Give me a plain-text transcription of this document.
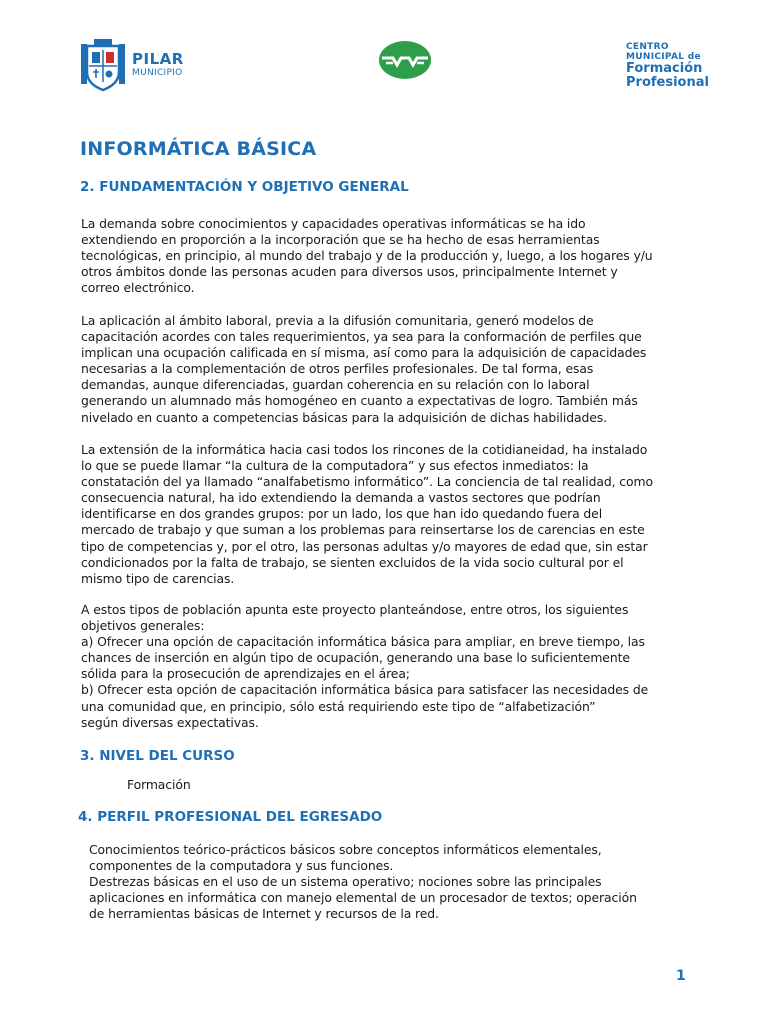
PILAR
MUNICIPIO
CENTRO
MUNICIPAL de
Formación
Profesional
INFORMÁTICA BÁSICA
2. FUNDAMENTACIÓN Y OBJETIVO GENERAL
La demanda sobre conocimientos y capacidades operativas informáticas se ha ido
extendiendo en proporción a la incorporación que se ha hecho de esas herramientas
tecnológicas, en principio, al mundo del trabajo y de la producción y, luego, a los hogares y/u
otros ámbitos donde las personas acuden para diversos usos, principalmente Internet y
correo electrónico.
La aplicación al ámbito laboral, previa a la difusión comunitaria, generó modelos de
capacitación acordes con tales requerimientos, ya sea para la conformación de perfiles que
implican una ocupación calificada en sí misma, así como para la adquisición de capacidades
necesarias a la complementación de otros perfiles profesionales. De tal forma, esas
demandas, aunque diferenciadas, guardan coherencia en su relación con lo laboral
generando un alumnado más homogéneo en cuanto a expectativas de logro. También más
nivelado en cuanto a competencias básicas para la adquisición de dichas habilidades.
La extensión de la informática hacia casi todos los rincones de la cotidianeidad, ha instalado
lo que se puede llamar “la cultura de la computadora” y sus efectos inmediatos: la
constatación del ya llamado “analfabetismo informático”. La conciencia de tal realidad, como
consecuencia natural, ha ido extendiendo la demanda a vastos sectores que podrían
identificarse en dos grandes grupos: por un lado, los que han ido quedando fuera del
mercado de trabajo y que suman a los problemas para reinsertarse los de carencias en este
tipo de competencias y, por el otro, las personas adultas y/o mayores de edad que, sin estar
condicionados por la falta de trabajo, se sienten excluidos de la vida socio cultural por el
mismo tipo de carencias.
A estos tipos de población apunta este proyecto planteándose, entre otros, los siguientes
objetivos generales:
a) Ofrecer una opción de capacitación informática básica para ampliar, en breve tiempo, las
chances de inserción en algún tipo de ocupación, generando una base lo suficientemente
sólida para la prosecución de aprendizajes en el área;
b) Ofrecer esta opción de capacitación informática básica para satisfacer las necesidades de
una comunidad que, en principio, sólo está requiriendo este tipo de “alfabetización”
según diversas expectativas.
3. NIVEL DEL CURSO
Formación
4. PERFIL PROFESIONAL DEL EGRESADO
Conocimientos teórico-prácticos básicos sobre conceptos informáticos elementales,
componentes de la computadora y sus funciones.
Destrezas básicas en el uso de un sistema operativo; nociones sobre las principales
aplicaciones en informática con manejo elemental de un procesador de textos; operación
de herramientas básicas de Internet y recursos de la red.
1
